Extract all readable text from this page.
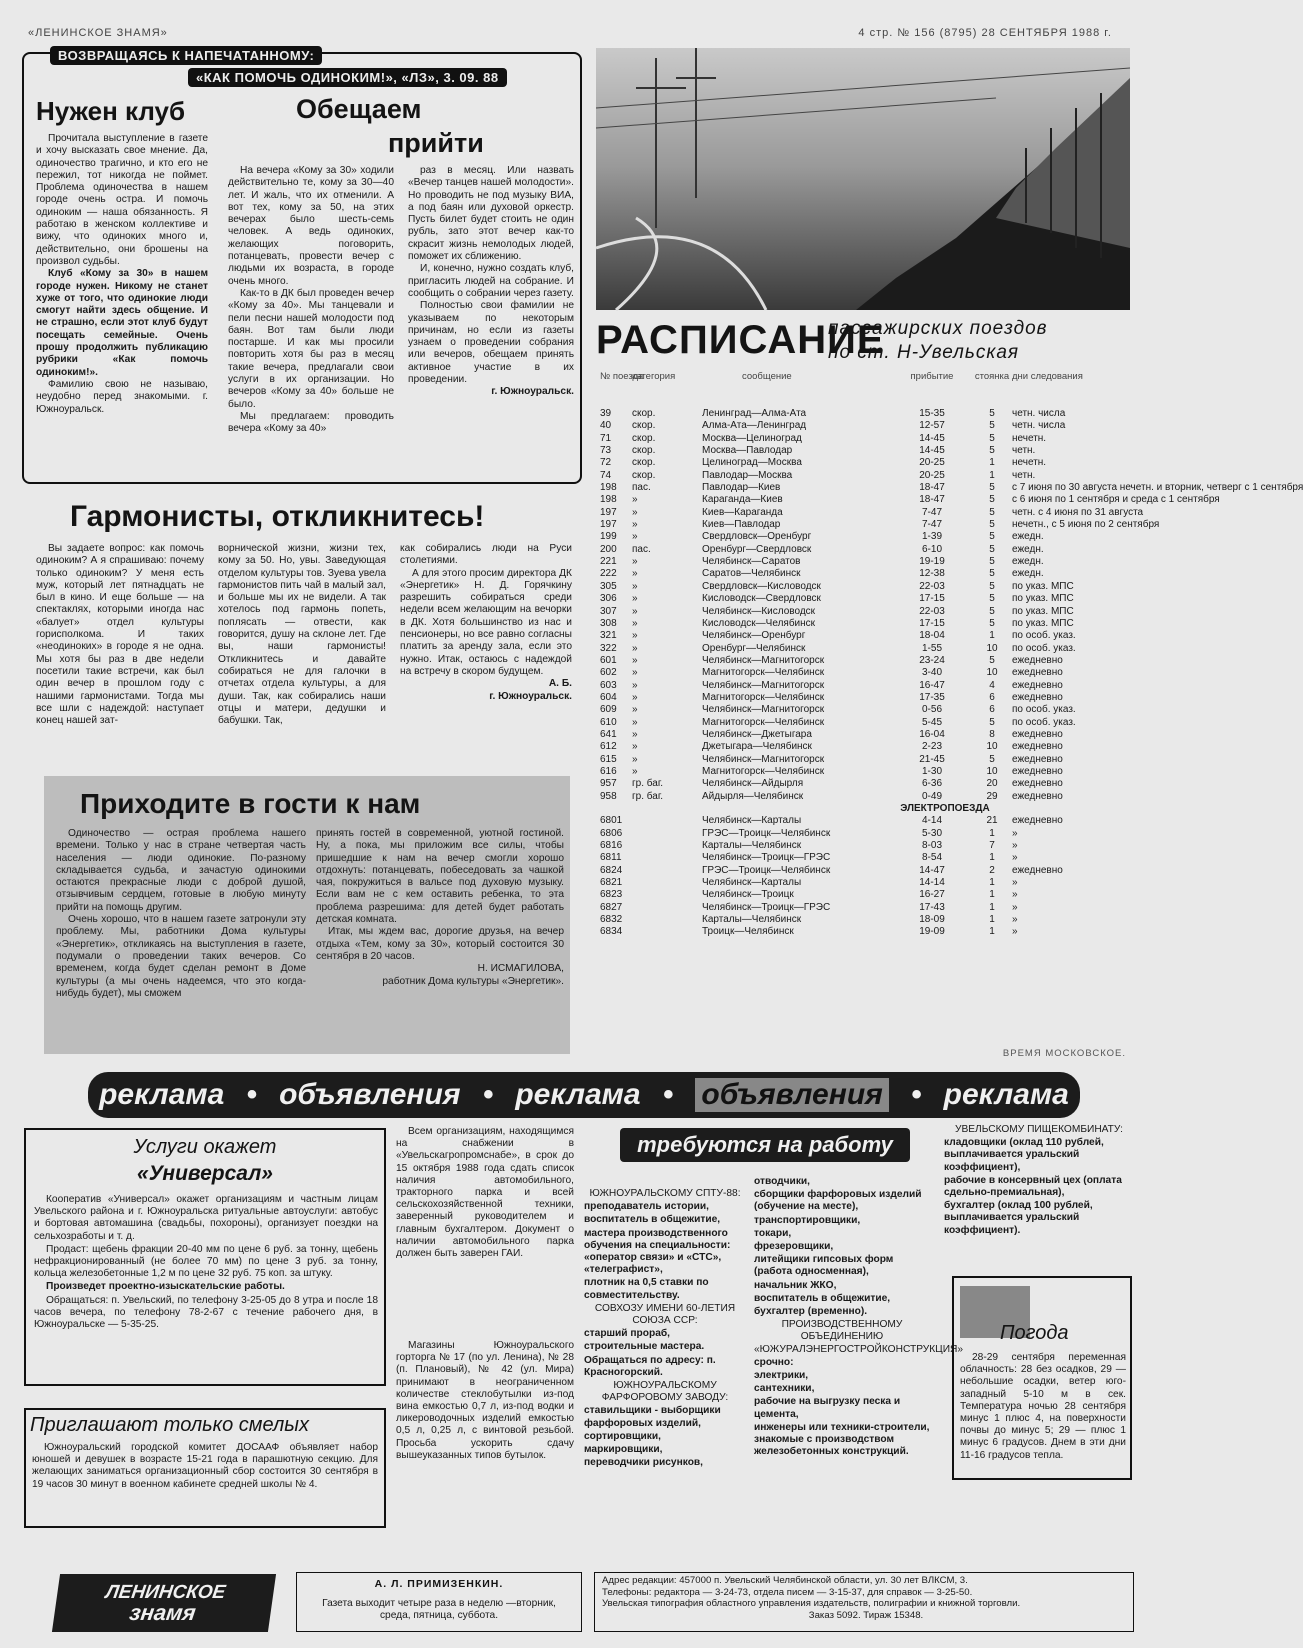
«ЛЕНИНСКОЕ ЗНАМЯ»	4 стр. № 156 (8795) 28 СЕНТЯБРЯ 1988 г.
ВОЗВРАЩАЯСЬ К НАПЕЧАТАННОМУ:
«КАК ПОМОЧЬ ОДИНОКИМ!», «ЛЗ», 3. 09. 88
Нужен клуб

Прочитала выступление в газете и хочу высказать свое мнение. Да, одиночество трагично, и кто его не пережил, тот никогда не поймет. Проблема одиночества в нашем городе очень остра. И помочь одиноким — наша обязанность. Я работаю в женском коллективе и вижу, что одиноких много и, действительно, они брошены на произвол судьбы.

Клуб «Кому за 30» в нашем городе нужен. Никому не станет хуже от того, что одинокие люди смогут найти здесь общение. И не страшно, если этот клуб будут посещать семейные. Очень прошу продолжить публикацию рубрики «Как помочь одиноким!».

Фамилию свою не называю, неудобно перед знакомыми. г. Южноуральск.

Обещаем
прийти

На вечера «Кому за 30» ходили действительно те, кому за 30—40 лет. И жаль, что их отменили. А вот тех, кому за 50, на этих вечерах было шесть-семь человек. А ведь одиноких, желающих поговорить, потанцевать, провести вечер с людьми их возраста, в городе очень много.

Как-то в ДК был проведен вечер «Кому за 40». Мы танцевали и пели песни нашей молодости под баян. Вот там были люди постарше. И как мы просили повторить хотя бы раз в месяц такие вечера, предлагали свои услуги в их организации. Но вечеров «Кому за 40» больше не было.

Мы предлагаем: проводить вечера «Кому за 40»

раз в месяц. Или назвать «Вечер танцев нашей молодости». Но проводить не под музыку ВИА, а под баян или духовой оркестр. Пусть билет будет стоить не один рубль, зато этот вечер как-то скрасит жизнь немолодых людей, поможет их сближению.

И, конечно, нужно создать клуб, пригласить людей на собрание. И сообщить о собрании через газету.

Полностью свои фамилии не указываем по некоторым причинам, но если из газеты узнаем о проведении собрания или вечеров, обещаем принять активное участие в их проведении.

г. Южноуральск.

Гармонисты, откликнитесь!

Вы задаете вопрос: как помочь одиноким? А я спрашиваю: почему только одиноким? У меня есть муж, который лет пятнадцать не был в кино. И еще больше — на спектаклях, которыми иногда нас «балует» отдел культуры горисполкома. И таких «неодиноких» в городе я не одна. Мы хотя бы раз в две недели посетили такие встречи, как был один вечер в прошлом году с нашими гармонистами. Тогда мы все шли с надеждой: наступает конец нашей зат-

ворнической жизни, жизни тех, кому за 50. Но, увы. Заведующая отделом культуры тов. Зуева увела гармонистов пить чай в малый зал, и больше мы их не видели. А так хотелось под гармонь попеть, поплясать — отвести, как говорится, душу на склоне лет. Где вы, наши гармонисты! Откликнитесь и давайте собираться не для галочки в отчетах отдела культуры, а для души. Так, как собирались наши отцы и матери, дедушки и бабушки. Так,

как собирались люди на Руси столетиями.

А для этого просим директора ДК «Энергетик» Н. Д. Горячкину разрешить собираться среди недели всем желающим на вечорки в ДК. Хотя большинство из нас и пенсионеры, но все равно согласны платить за аренду зала, если это нужно. Итак, остаюсь с надеждой на встречу в скором будущем.

А. Б.

г. Южноуральск.

Приходите в гости к нам

Одиночество — острая проблема нашего времени. Только у нас в стране четвертая часть населения — люди одинокие. По-разному складывается судьба, и зачастую одинокими остаются прекрасные люди с доброй душой, отзывчивым сердцем, готовые в любую минуту прийти на помощь другим.

Очень хорошо, что в нашем газете затронули эту проблему. Мы, работники Дома культуры «Энергетик», откликаясь на выступления в газете, подумали о проведении таких вечеров. Со временем, когда будет сделан ремонт в Доме культуры (а мы очень надеемся, что это когда-нибудь будет), мы сможем

принять гостей в современной, уютной гостиной. Ну, а пока, мы приложим все силы, чтобы пришедшие к нам на вечер смогли хорошо отдохнуть: потанцевать, побеседовать за чашкой чая, покружиться в вальсе под духовую музыку. Если вам не с кем оставить ребенка, то эта проблема разрешима: для детей будет работать детская комната.

Итак, мы ждем вас, дорогие друзья, на вечер отдыха «Тем, кому за 30», который состоится 30 сентября в 20 часов.

Н. ИСМАГИЛОВА,

работник Дома культуры «Энергетик».

РАСПИСАНИЕ
пассажирских поездов
по ст. Н-Увельская
№ поезда
категория	сообщение	прибытие	стоянка дни следования
39	скор.	Ленинград—Алма-Ата	15-35	5	четн. числа
40	скор.	Алма-Ата—Ленинград	12-57	5	четн. числа
71	скор.	Москва—Целиноград	14-45	5	нечетн.
73	скор.	Москва—Павлодар	14-45	5	четн.
72	скор.	Целиноград—Москва	20-25	1	нечетн.
74	скор.	Павлодар—Москва	20-25	1	четн.
198	пас.	Павлодар—Киев	18-47	5	с 7 июня по 30 августа нечетн. и вторник, четверг с 1 сентября
198	»	Караганда—Киев	18-47	5	с 6 июня по 1 сентября и среда с 1 сентября
197	»	Киев—Караганда	7-47	5	четн. с 4 июня по 31 августа
197	»	Киев—Павлодар	7-47	5	нечетн., с 5 июня по 2 сентября
199	»	Свердловск—Оренбург	1-39	5	ежедн.
200	пас.	Оренбург—Свердловск	6-10	5	ежедн.
221	»	Челябинск—Саратов	19-19	5	ежедн.
222	»	Саратов—Челябинск	12-38	5	ежедн.
305	»	Свердловск—Кисловодск	22-03	5	по указ. МПС
306	»	Кисловодск—Свердловск	17-15	5	по указ. МПС
307	»	Челябинск—Кисловодск	22-03	5	по указ. МПС
308	»	Кисловодск—Челябинск	17-15	5	по указ. МПС
321	»	Челябинск—Оренбург	18-04	1	по особ. указ.
322	»	Оренбург—Челябинск	1-55	10	по особ. указ.
601	»	Челябинск—Магнитогорск	23-24	5	ежедневно
602	»	Магнитогорск—Челябинск	3-40	10	ежедневно
603	»	Челябинск—Магнитогорск	16-47	4	ежедневно
604	»	Магнитогорск—Челябинск	17-35	6	ежедневно
609	»	Челябинск—Магнитогорск	0-56	6	по особ. указ.
610	»	Магнитогорск—Челябинск	5-45	5	по особ. указ.
641	»	Челябинск—Джетыгара	16-04	8	ежедневно
612	»	Джетыгара—Челябинск	2-23	10	ежедневно
615	»	Челябинск—Магнитогорск	21-45	5	ежедневно
616	»	Магнитогорск—Челябинск	1-30	10	ежедневно
957	гр. баг.	Челябинск—Айдырля	6-36	20	ежедневно
958	гр. баг.	Айдырля—Челябинск	0-49	29	ежедневно
ЭЛЕКТРОПОЕЗДА
6801	Челябинск—Карталы	4-14	21	ежедневно
6806	ГРЭС—Троицк—Челябинск	5-30	1	»
6816	Карталы—Челябинск	8-03	7	»
6811	Челябинск—Троицк—ГРЭС	8-54	1	»
6824	ГРЭС—Троицк—Челябинск	14-47	2	ежедневно
6821	Челябинск—Карталы	14-14	1	»
6823	Челябинск—Троицк	16-27	1	»
6827	Челябинск—Троицк—ГРЭС	17-43	1	»
6832	Карталы—Челябинск	18-09	1	»
6834	Троицк—Челябинск	19-09	1	»
ВРЕМЯ МОСКОВСКОЕ.
реклама • объявления • реклама • объявления • реклама
Услуги окажет
«Универсал»

Кооператив «Универсал» окажет организациям и частным лицам Увельского района и г. Южноуральска ритуальные автоуслуги: автобус и бортовая автомашина (свадьбы, похороны), организует поездки на сельхозработы и т. д.

Продаст: щебень фракции 20-40 мм по цене 6 руб. за тонну, щебень нефракционированный (не более 70 мм) по цене 3 руб. за тонну, кольца железобетонные 1,2 м по цене 32 руб. 75 коп. за штуку.

Произведет проектно-изыскательские работы.

Обращаться: п. Увельский, по телефону 3-25-05 до 8 утра и после 18 часов вечера, по телефону 78-2-67 с течение рабочего дня, в Южноуральске — 5-35-25.

Приглашают только смелых
Южноуральский городской комитет ДОСААФ объявляет набор юношей и девушек в возрасте 15-21 года в парашютную секцию. Для желающих заниматься организационный сбор состоится 30 сентября в 19 часов 30 минут в военном кабинете средней школы № 4.
Всем организациям, находящимся на снабжении в «Увельскагропромснабе», в срок до 15 октября 1988 года сдать список наличия автомобильного, тракторного парка и всей сельскохозяйственной техники, заверенный руководителем и главным бухгалтером. Документ о наличии автомобильного парка должен быть заверен ГАИ.
Магазины Южноуральского горторга № 17 (по ул. Ленина), № 28 (п. Плановый), № 42 (ул. Мира) принимают в неограниченном количестве стеклобутылки из-под вина емкостью 0,7 л, из-под водки и ликероводочных изделий емкостью 0,5 л, 0,25 л, с винтовой резьбой. Просьба ускорить сдачу вышеуказанных типов бутылок.
требуются на работу

ЮЖНОУРАЛЬСКОМУ СПТУ-88:

преподаватель истории,

воспитатель в общежитие,

мастера производственного обучения на специальности: «оператор связи» и «СТС», «телеграфист»,

плотник на 0,5 ставки по совместительству.

СОВХОЗУ ИМЕНИ 60-ЛЕТИЯ СОЮЗА ССР:

старший прораб,

строительные мастера.

Обращаться по адресу: п. Красногорский.

ЮЖНОУРАЛЬСКОМУ ФАРФОРОВОМУ ЗАВОДУ:

ставильщики - выборщики фарфоровых изделий,

сортировщики,

маркировщики,

переводчики рисунков,

отводчики,

сборщики фарфоровых изделий (обучение на месте),

транспортировщики,

токари,

фрезеровщики,

литейщики гипсовых форм (работа односменная),

начальник ЖКО,

воспитатель в общежитие,

бухгалтер (временно).

ПРОИЗВОДСТВЕННОМУ ОБЪЕДИНЕНИЮ «ЮЖУРАЛЭНЕРГОСТРОЙКОНСТРУКЦИЯ»

срочно:

электрики,

сантехники,

рабочие на выгрузку песка и цемента,

инженеры или техники-строители, знакомые с производством железобетонных конструкций.

УВЕЛЬСКОМУ ПИЩЕКОМБИНАТУ:

кладовщики (оклад 110 рублей, выплачивается уральский коэффициент),

рабочие в консервный цех (оплата сдельно-премиальная),

бухгалтер (оклад 100 рублей, выплачивается уральский коэффициент).

Погода
28-29 сентября переменная облачность: 28 без осадков, 29 — небольшие осадки, ветер юго-западный 5-10 м в сек. Температура ночью 28 сентября минус 1 плюс 4, на поверхности почвы до минус 5; 29 — плюс 1 минус 6 градусов. Днем в эти дни 11-16 градусов тепла.
ЛЕНИНСКОЕ
знамя
А. Л. ПРИМИЗЕНКИН.
Газета выходит четыре раза в неделю —вторник, среда, пятница, суббота.
Адрес редакции: 457000 п. Увельский Челябинской области, ул. 30 лет ВЛКСМ, 3.
Телефоны: редактора — 3-24-73, отдела писем — 3-15-37, для справок — 3-25-50.
Увельская типография областного управления издательств, полиграфии и книжной торговли.
Заказ 5092. Тираж 15348.
